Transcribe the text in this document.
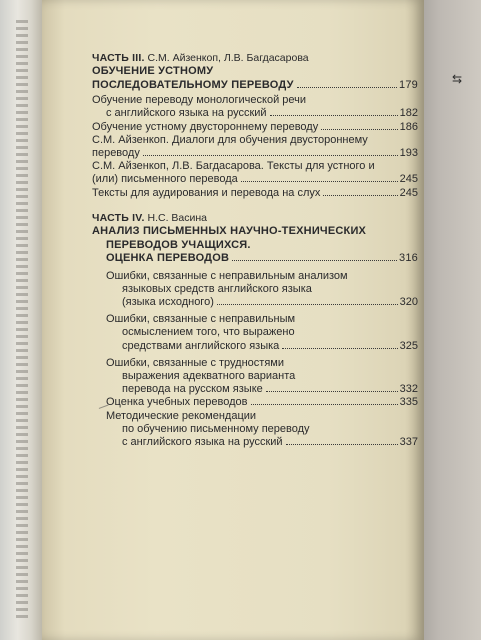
⇆
ЧАСТЬ III. С.М. Айзенкоп, Л.В. Багдасарова
ОБУЧЕНИЕ УСТНОМУ
ПОСЛЕДОВАТЕЛЬНОМУ ПЕРЕВОДУ	179
Обучение переводу монологической речи
с английского языка на русский	182
Обучение устному двустороннему переводу	186
С.М. Айзенкоп. Диалоги для обучения двустороннему
переводу	193
С.М. Айзенкоп, Л.В. Багдасарова. Тексты для устного и
(или) письменного перевода	245
Тексты для аудирования и перевода на слух	245
ЧАСТЬ IV. Н.С. Васина
АНАЛИЗ ПИСЬМЕННЫХ НАУЧНО-ТЕХНИЧЕСКИХ
ПЕРЕВОДОВ УЧАЩИХСЯ.
ОЦЕНКА ПЕРЕВОДОВ	316
Ошибки, связанные с неправильным анализом
языковых средств английского языка
(языка исходного)	320
Ошибки, связанные с неправильным
осмыслением того, что выражено
средствами английского языка	325
Ошибки, связанные с трудностями
выражения адекватного варианта
перевода на русском языке	332
Оценка учебных переводов	335
Методические рекомендации
по обучению письменному переводу
с английского языка на русский	337
